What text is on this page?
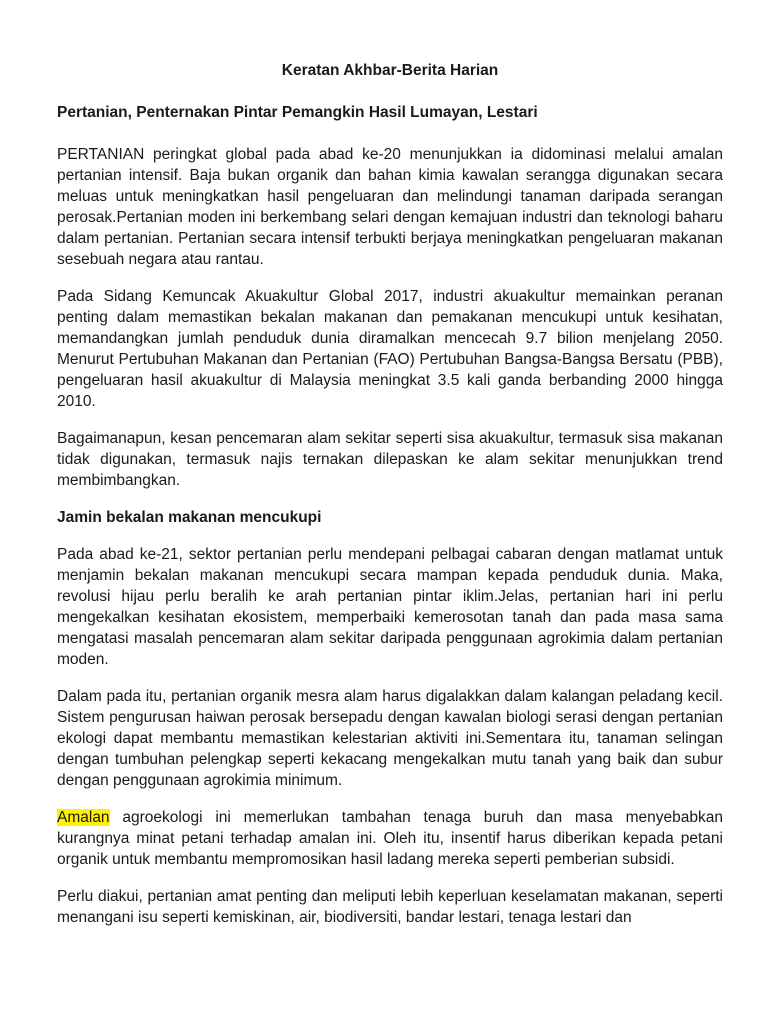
Keratan Akhbar-Berita Harian
Pertanian, Penternakan Pintar Pemangkin Hasil Lumayan, Lestari

PERTANIAN peringkat global pada abad ke-20 menunjukkan ia didominasi melalui amalan pertanian intensif. Baja bukan organik dan bahan kimia kawalan serangga digunakan secara meluas untuk meningkatkan hasil pengeluaran dan melindungi tanaman daripada serangan perosak.Pertanian moden ini berkembang selari dengan kemajuan industri dan teknologi baharu dalam pertanian. Pertanian secara intensif terbukti berjaya meningkatkan pengeluaran makanan sesebuah negara atau rantau.

Pada Sidang Kemuncak Akuakultur Global 2017, industri akuakultur memainkan peranan penting dalam memastikan bekalan makanan dan pemakanan mencukupi untuk kesihatan, memandangkan jumlah penduduk dunia diramalkan mencecah 9.7 bilion menjelang 2050. Menurut Pertubuhan Makanan dan Pertanian (FAO) Pertubuhan Bangsa-Bangsa Bersatu (PBB), pengeluaran hasil akuakultur di Malaysia meningkat 3.5 kali ganda berbanding 2000 hingga 2010.

Bagaimanapun, kesan pencemaran alam sekitar seperti sisa akuakultur, termasuk sisa makanan tidak digunakan, termasuk najis ternakan dilepaskan ke alam sekitar menunjukkan trend membimbangkan.

Jamin bekalan makanan mencukupi

Pada abad ke-21, sektor pertanian perlu mendepani pelbagai cabaran dengan matlamat untuk menjamin bekalan makanan mencukupi secara mampan kepada penduduk dunia. Maka, revolusi hijau perlu beralih ke arah pertanian pintar iklim.Jelas, pertanian hari ini perlu mengekalkan kesihatan ekosistem, memperbaiki kemerosotan tanah dan pada masa sama mengatasi masalah pencemaran alam sekitar daripada penggunaan agrokimia dalam pertanian moden.

Dalam pada itu, pertanian organik mesra alam harus digalakkan dalam kalangan peladang kecil. Sistem pengurusan haiwan perosak bersepadu dengan kawalan biologi serasi dengan pertanian ekologi dapat membantu memastikan kelestarian aktiviti ini.Sementara itu, tanaman selingan dengan tumbuhan pelengkap seperti kekacang mengekalkan mutu tanah yang baik dan subur dengan penggunaan agrokimia minimum.

Amalan agroekologi ini memerlukan tambahan tenaga buruh dan masa menyebabkan kurangnya minat petani terhadap amalan ini. Oleh itu, insentif harus diberikan kepada petani organik untuk membantu mempromosikan hasil ladang mereka seperti pemberian subsidi.

Perlu diakui, pertanian amat penting dan meliputi lebih keperluan keselamatan makanan, seperti menangani isu seperti kemiskinan, air, biodiversiti, bandar lestari, tenaga lestari dan
